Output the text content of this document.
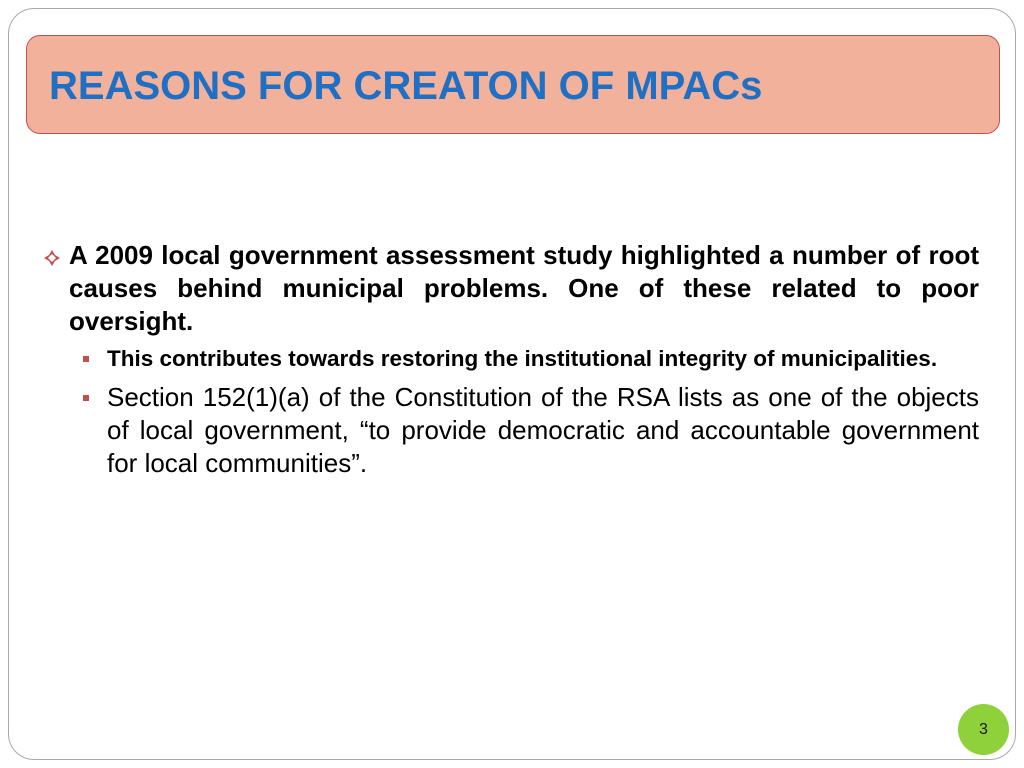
REASONS FOR CREATON OF MPACs
A 2009 local government assessment study highlighted a number of root causes behind municipal problems. One of these related to poor oversight.
This contributes towards restoring the institutional integrity of municipalities.
Section 152(1)(a) of the Constitution of the RSA lists as one of the objects of local government, “to provide democratic and accountable government for local communities”.
3
